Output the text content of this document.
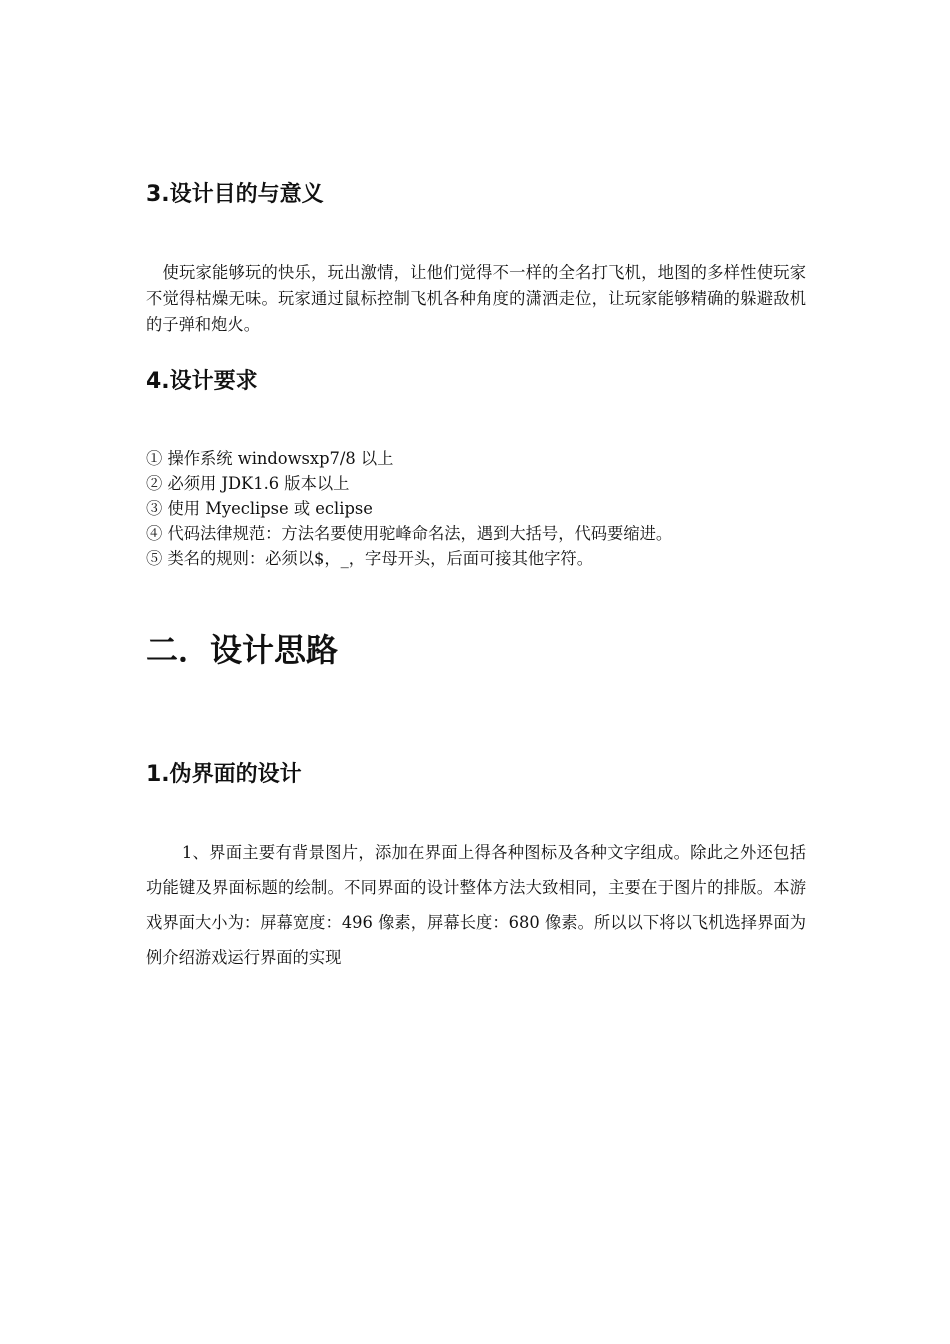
3.设计目的与意义

　使玩家能够玩的快乐，玩出激情，让他们觉得不一样的全名打飞机，地图的多样性使玩家不觉得枯燥无味。玩家通过鼠标控制飞机各种角度的潇洒走位，让玩家能够精确的躲避敌机的子弹和炮火。

4.设计要求
① 操作系统 windowsxp7/8 以上
② 必须用 JDK1.6 版本以上
③ 使用 Myeclipse 或 eclipse
④ 代码法律规范：方法名要使用驼峰命名法，遇到大括号，代码要缩进。
⑤ 类名的规则：必须以$，_，字母开头，后面可接其他字符。
二．设计思路
1.伪界面的设计

1、界面主要有背景图片，添加在界面上得各种图标及各种文字组成。除此之外还包括功能键及界面标题的绘制。不同界面的设计整体方法大致相同，主要在于图片的排版。本游戏界面大小为：屏幕宽度：496 像素，屏幕长度：680 像素。所以以下将以飞机选择界面为例介绍游戏运行界面的实现
